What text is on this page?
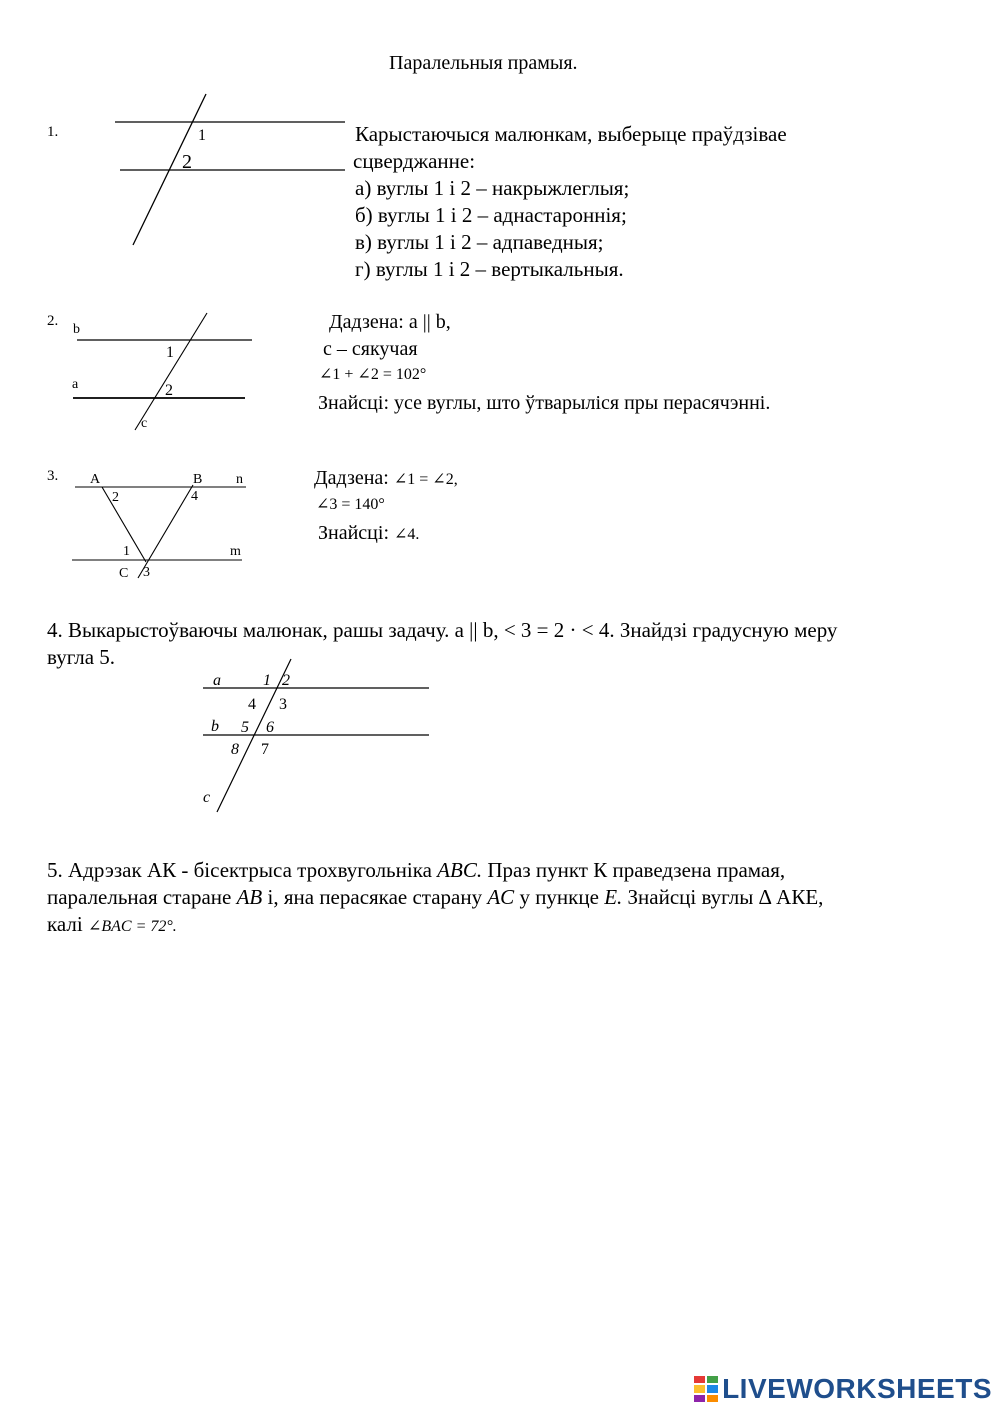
Паралельныя прамыя.
1.	1
2
Карыстаючыся малюнкам, выберыце праўдзівае
сцверджанне:
а) вуглы 1 і 2 – накрыжлеглыя;
б) вуглы 1 і 2 – аднастароннія;
в) вуглы 1 і 2 – адпаведныя;
г) вуглы 1 і 2 – вертыкальныя.
2.
b
a
c
1
2
Дадзена: a || b,
c – сякучая
∠1 + ∠2 = 102°
Знайсці: усе вуглы, што ўтварыліся пры перасячэнні.
3. A	B n
m
C
1
2
3
4
Дадзена: ∠1 = ∠2,
∠3 = 140°
Знайсці: ∠4.
4. Выкарыстоўваючы малюнак, рашы задачу. a || b, < 3 = 2 · < 4. Знайдзі градусную меру
вугла 5.
a
b
c
1 2
4 3
5 6
8 7
5. Адрэзак АК - бісектрыса трохвугольніка ABC. Праз пункт К праведзена прамая,
паралельная старане AB і, яна перасякае старану AC у пункце E. Знайсці вуглы Δ АКЕ,
калі ∠BAC = 72°.
LIVEWORKSHEETS
